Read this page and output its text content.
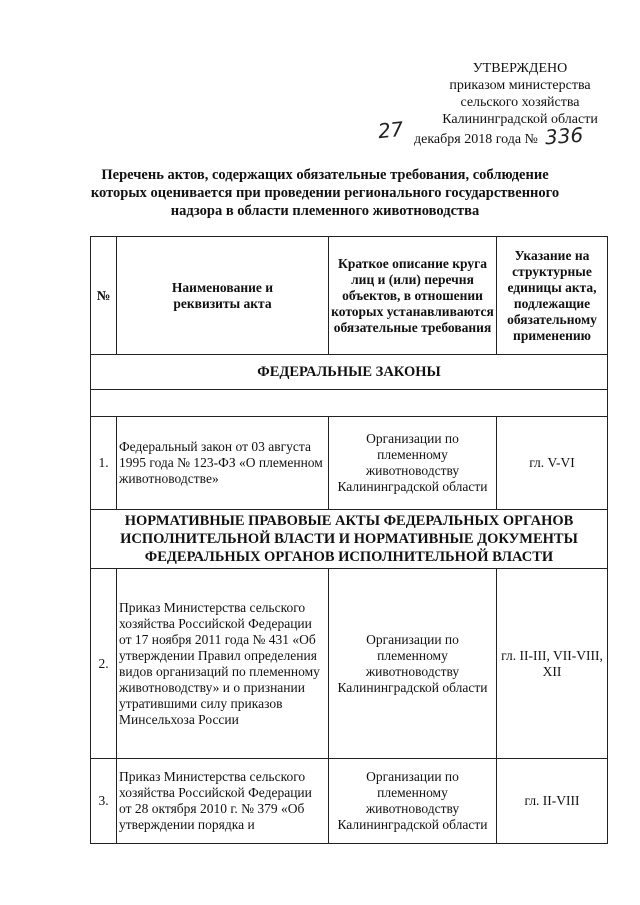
УТВЕРЖДЕНО
приказом министерства
сельского хозяйства
Калининградской области
27 декабря 2018 года № 336
Перечень актов, содержащих обязательные требования, соблюдение
которых оценивается при проведении регионального государственного
надзора в области племенного животноводства
№	Наименование и реквизиты акта	Краткое описание круга лиц и (или) перечня объектов, в отношении которых устанавливаются обязательные требования	Указание на структурные единицы акта, подлежащие обязательному применению
ФЕДЕРАЛЬНЫЕ ЗАКОНЫ			

1.	Федеральный закон от 03 августа 1995 года № 123-ФЗ «О племенном животноводстве»	Организации по племенному животноводству Калининградской области	гл. V-VI
НОРМАТИВНЫЕ ПРАВОВЫЕ АКТЫ ФЕДЕРАЛЬНЫХ ОРГАНОВ ИСПОЛНИТЕЛЬНОЙ ВЛАСТИ И НОРМАТИВНЫЕ ДОКУМЕНТЫ ФЕДЕРАЛЬНЫХ ОРГАНОВ ИСПОЛНИТЕЛЬНОЙ ВЛАСТИ			
2.	Приказ Министерства сельского хозяйства Российской Федерации от 17 ноября 2011 года № 431 «Об утверждении Правил определения видов организаций по племенному животноводству» и о признании утратившими силу приказов Минсельхоза России	Организации по племенному животноводству Калининградской области	гл. II-III, VII-VIII, XII
3.	Приказ Министерства сельского хозяйства Российской Федерации от 28 октября 2010 г. № 379 «Об утверждении порядка и	Организации по племенному животноводству Калининградской области	гл. II-VIII
